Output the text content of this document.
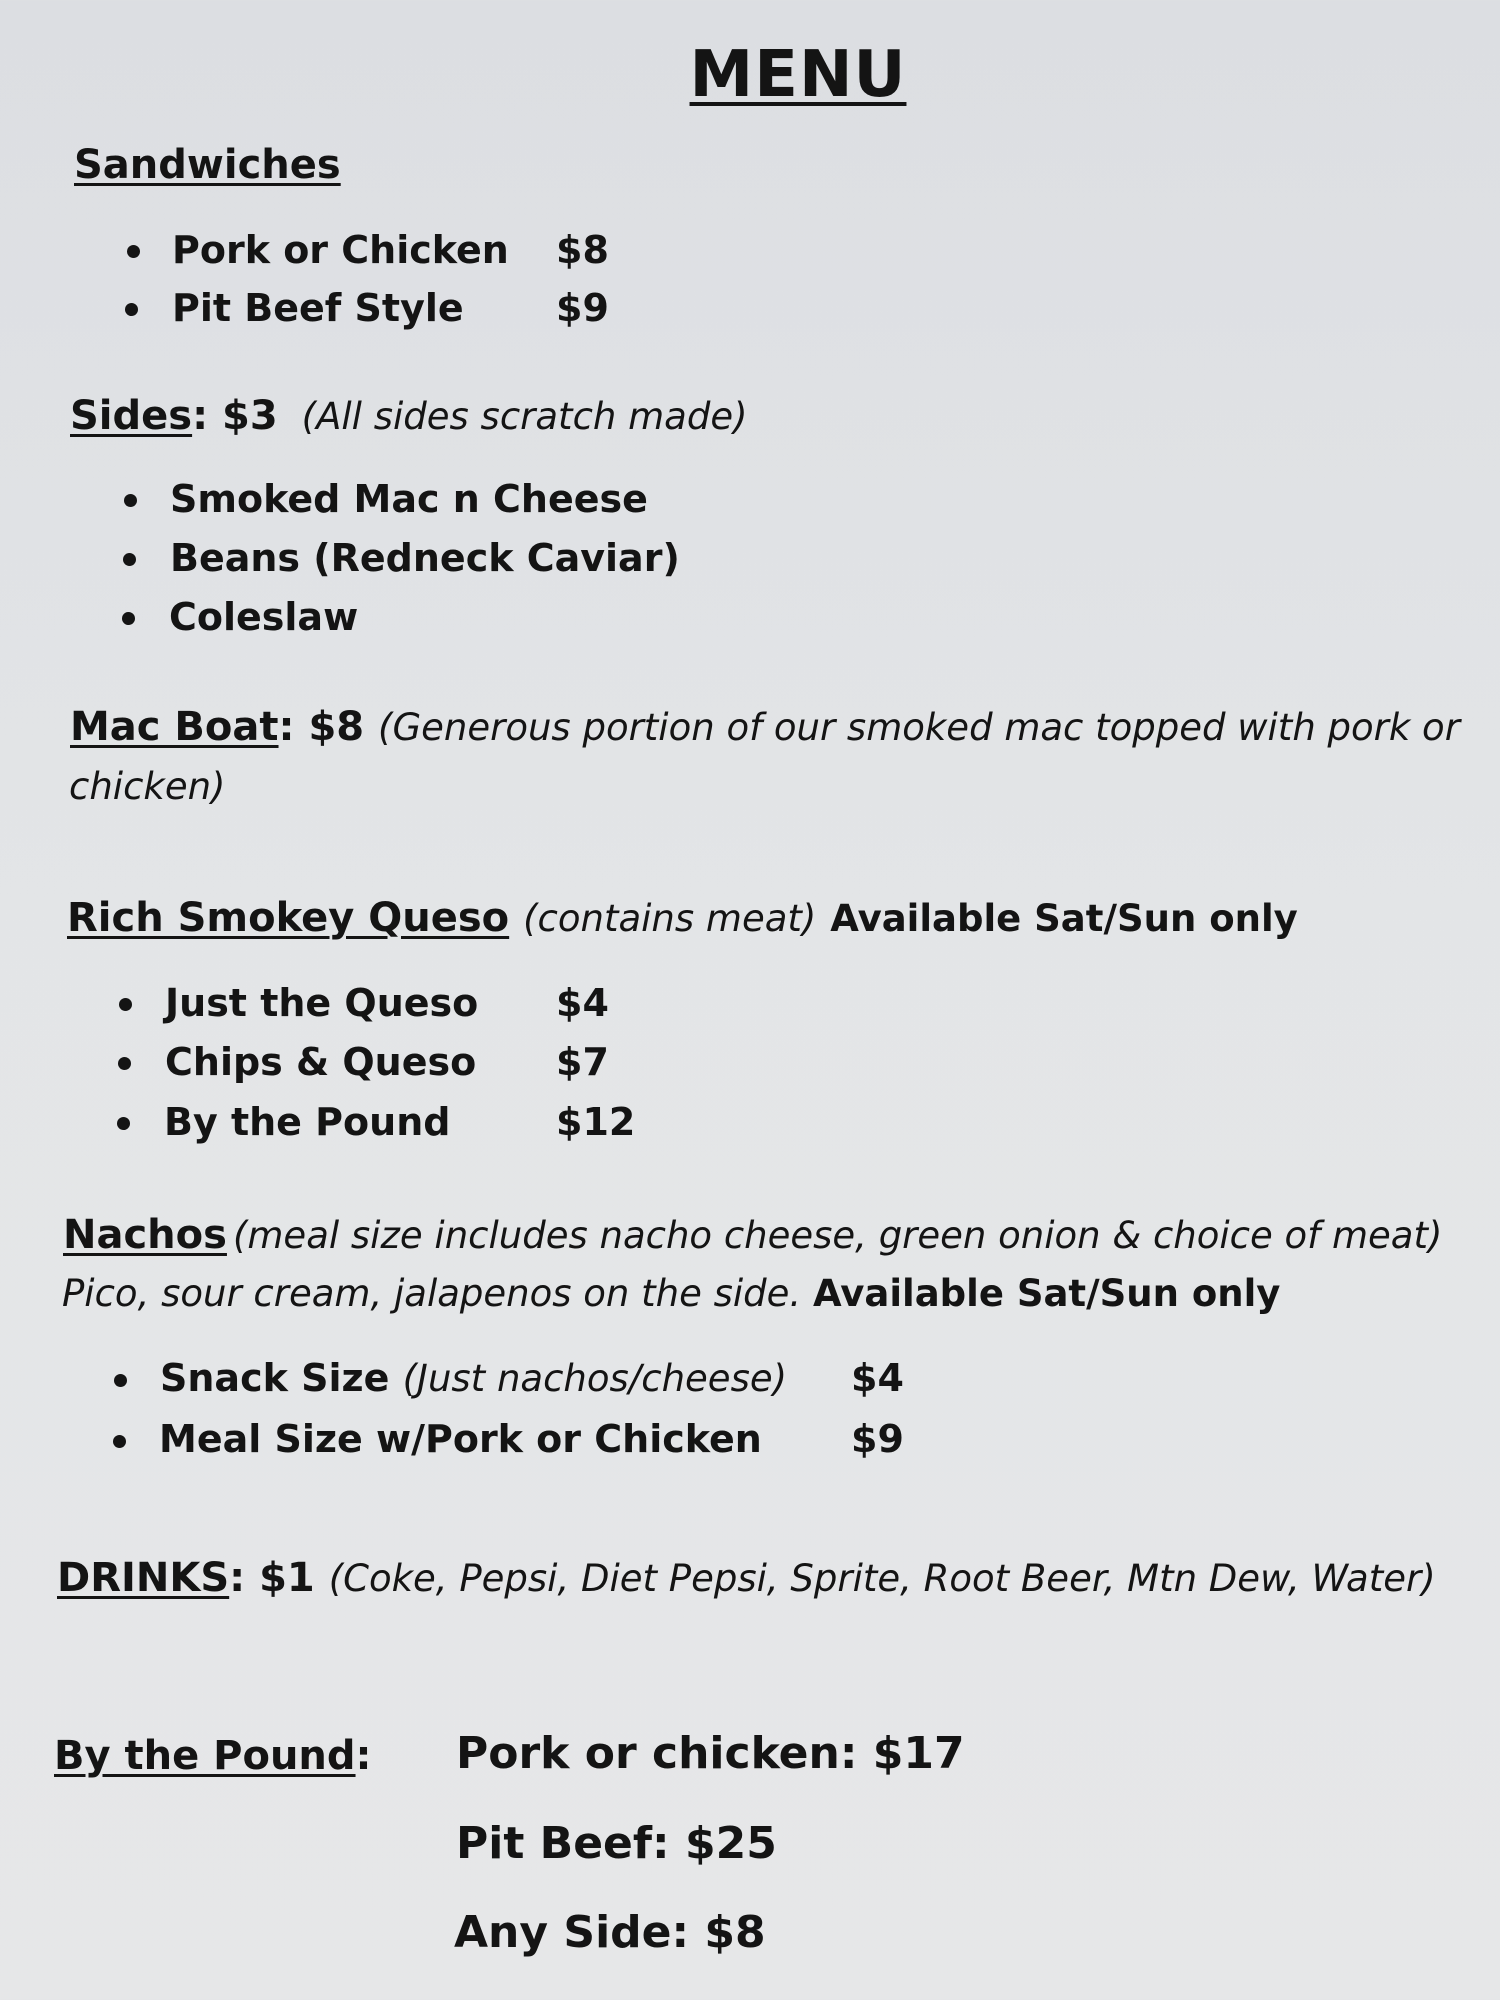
MENU
Sandwiches
Pork or Chicken $8
Pit Beef Style $9
Sides: $3 (All sides scratch made)
Smoked Mac n Cheese
Beans (Redneck Caviar)
Coleslaw
Mac Boat: $8 (Generous portion of our smoked mac topped with pork or
chicken)
Rich Smokey Queso (contains meat) Available Sat/Sun only
Just the Queso $4
Chips & Queso $7
By the Pound	$12
Nachos (meal size includes nacho cheese, green onion & choice of meat)
Pico, sour cream, jalapenos on the side. Available Sat/Sun only
Snack Size (Just nachos/cheese) $4
Meal Size w/Pork or Chicken $9
DRINKS: $1 (Coke, Pepsi, Diet Pepsi, Sprite, Root Beer, Mtn Dew, Water)
By the Pound: Pork or chicken: $17
Pit Beef: $25
Any Side: $8
